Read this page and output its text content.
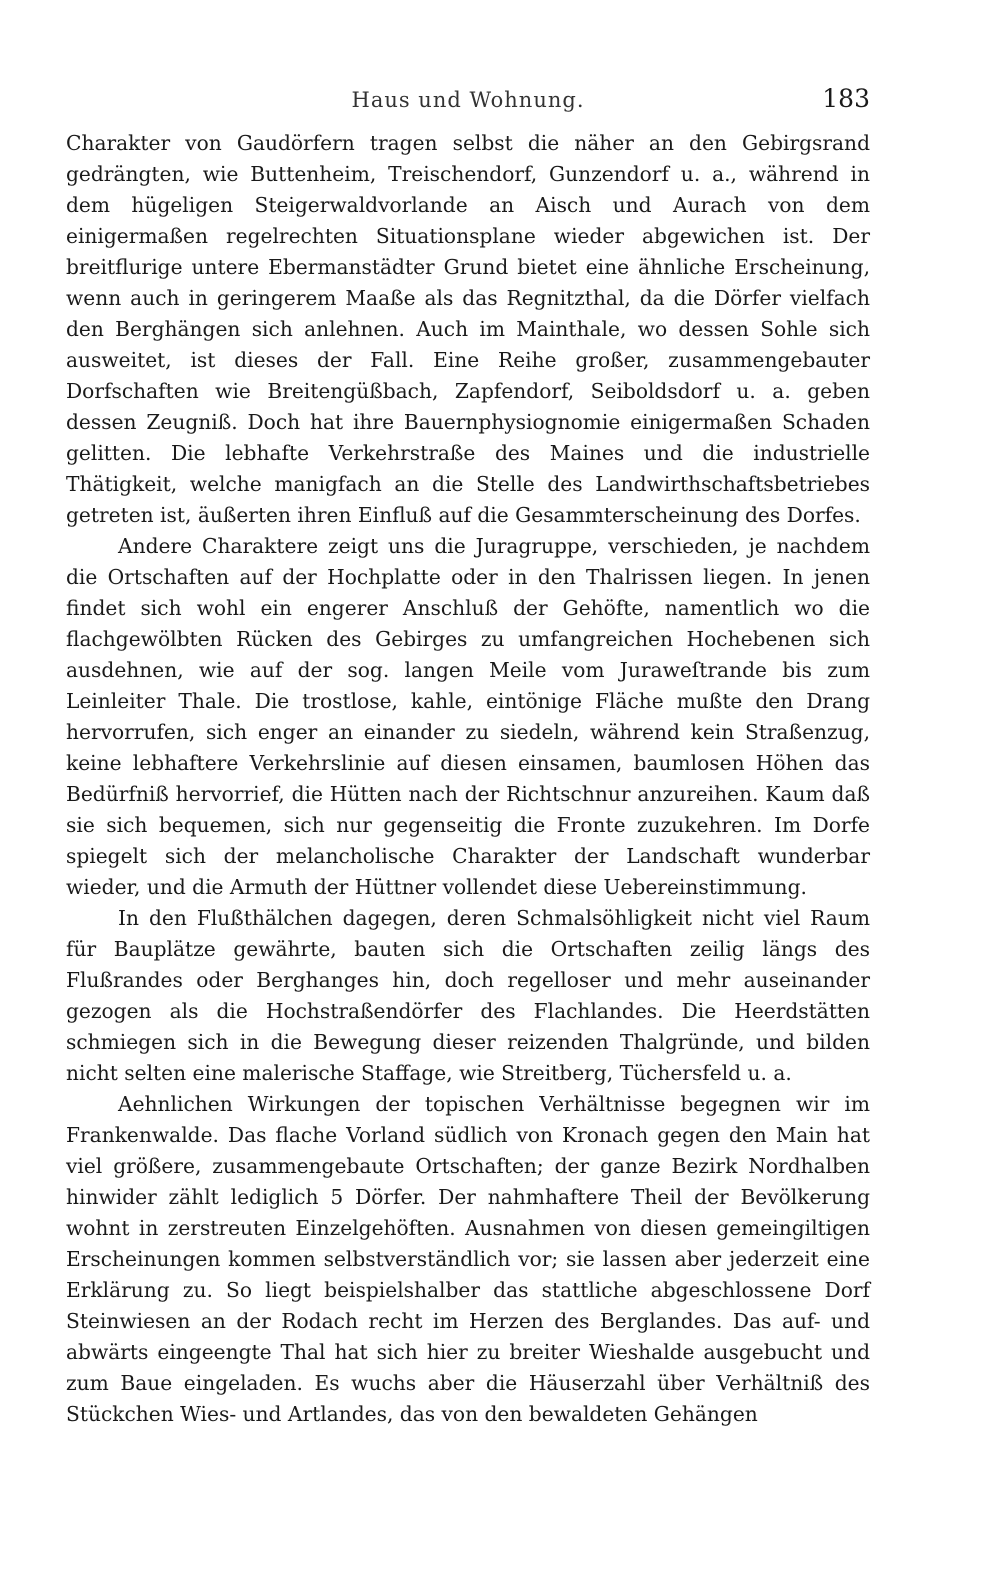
Haus und Wohnung.	183

Charakter von Gaudörfern tragen selbst die näher an den Gebirgsrand gedrängten, wie Buttenheim, Treischendorf, Gunzendorf u. a., während in dem hügeligen Steigerwaldvorlande an Aisch und Aurach von dem einigermaßen regelrechten Situationsplane wieder abgewichen ist. Der breitflurige untere Ebermanstädter Grund bietet eine ähnliche Erscheinung, wenn auch in geringerem Maaße als das Regnitzthal, da die Dörfer vielfach den Berghängen sich anlehnen. Auch im Mainthale, wo dessen Sohle sich ausweitet, ist dieses der Fall. Eine Reihe großer, zusammengebauter Dorfschaften wie Breitengüßbach, Zapfendorf, Seiboldsdorf u. a. geben dessen Zeugniß. Doch hat ihre Bauernphysiognomie einigermaßen Schaden gelitten. Die lebhafte Verkehrstraße des Maines und die industrielle Thätigkeit, welche manigfach an die Stelle des Landwirthschaftsbetriebes getreten ist, äußerten ihren Einfluß auf die Gesammterscheinung des Dorfes.

Andere Charaktere zeigt uns die Juragruppe, verschieden, je nachdem die Ortschaften auf der Hochplatte oder in den Thalrissen liegen. In jenen findet sich wohl ein engerer Anschluß der Gehöfte, namentlich wo die flachgewölbten Rücken des Gebirges zu umfangreichen Hochebenen sich ausdehnen, wie auf der sog. langen Meile vom Juraweſtrande bis zum Leinleiter Thale. Die trostlose, kahle, eintönige Fläche mußte den Drang hervorrufen, sich enger an einander zu siedeln, während kein Straßenzug, keine lebhaftere Verkehrslinie auf diesen einsamen, baumlosen Höhen das Bedürfniß hervorrief, die Hütten nach der Richtschnur anzureihen. Kaum daß sie sich bequemen, sich nur gegenseitig die Fronte zuzukehren. Im Dorfe spiegelt sich der melancholische Charakter der Landschaft wunderbar wieder, und die Armuth der Hüttner vollendet diese Uebereinstimmung.

In den Flußthälchen dagegen, deren Schmalsöhligkeit nicht viel Raum für Bauplätze gewährte, bauten sich die Ortschaften zeilig längs des Flußrandes oder Berghanges hin, doch regelloser und mehr auseinander gezogen als die Hochstraßendörfer des Flachlandes. Die Heerdstätten schmiegen sich in die Bewegung dieser reizenden Thalgründe, und bilden nicht selten eine malerische Staffage, wie Streitberg, Tüchersfeld u. a.

Aehnlichen Wirkungen der topischen Verhältnisse begegnen wir im Frankenwalde. Das flache Vorland südlich von Kronach gegen den Main hat viel größere, zusammengebaute Ortschaften; der ganze Bezirk Nordhalben hinwider zählt lediglich 5 Dörfer. Der nahmhaftere Theil der Bevölkerung wohnt in zerstreuten Einzelgehöften. Ausnahmen von diesen gemeingiltigen Erscheinungen kommen selbstverständlich vor; sie lassen aber jederzeit eine Erklärung zu. So liegt beispielshalber das stattliche abgeschlossene Dorf Steinwiesen an der Rodach recht im Herzen des Berglandes. Das auf- und abwärts eingeengte Thal hat sich hier zu breiter Wieshalde ausgebucht und zum Baue eingeladen. Es wuchs aber die Häuserzahl über Verhältniß des Stückchen Wies- und Artlandes, das von den bewaldeten Gehängen
